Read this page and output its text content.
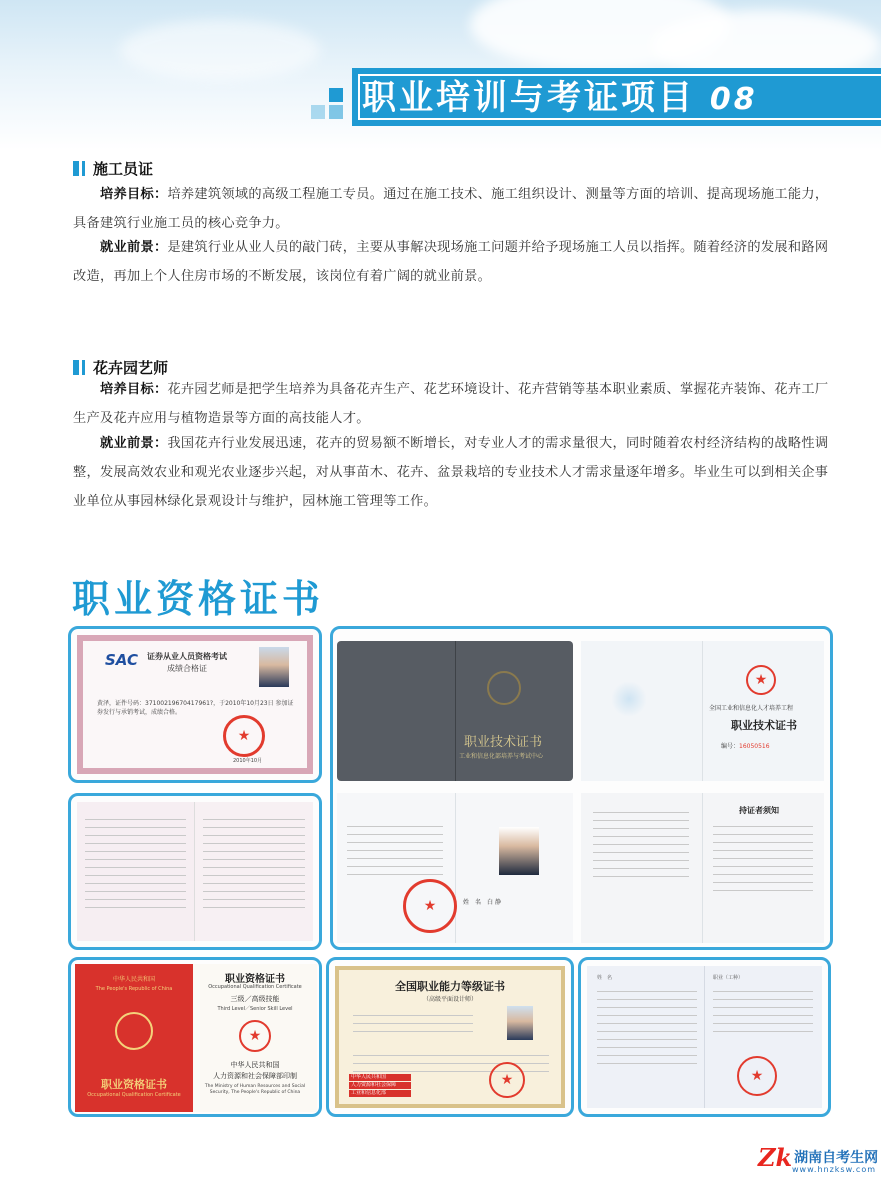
职业培训与考证项目 08
施工员证
培养目标：培养建筑领域的高级工程施工专员。通过在施工技术、施工组织设计、测量等方面的培训、提高现场施工能力，具备建筑行业施工员的核心竞争力。
就业前景：是建筑行业从业人员的敲门砖，主要从事解决现场施工问题并给予现场施工人员以指挥。随着经济的发展和路网改造，再加上个人住房市场的不断发展，该岗位有着广阔的就业前景。
花卉园艺师
培养目标：花卉园艺师是把学生培养为具备花卉生产、花艺环境设计、花卉营销等基本职业素质、掌握花卉装饰、花卉工厂生产及花卉应用与植物造景等方面的高技能人才。
就业前景：我国花卉行业发展迅速，花卉的贸易额不断增长，对专业人才的需求量很大，同时随着农村经济结构的战略性调整，发展高效农业和观光农业逐步兴起，对从事苗木、花卉、盆景栽培的专业技术人才需求量逐年增多。毕业生可以到相关企事业单位从事园林绿化景观设计与维护，园林施工管理等工作。
职业资格证书
SAC 证券从业人员资格考试
成绩合格证
黄泽，证件号码：37100219670417961?，于2010年10月23日 参加证券发行与承销考试，成绩合格。
★
2010年10月
职业技术证书
工业和信息化部培养与考试中心
★
全国工业和信息化人才培养工程
职业技术证书
编号：16050516
★
姓　名　 白 静
持证者须知
中华人民共和国
The People's Republic of China
职业资格证书
Occupational Qualification Certificate
职业资格证书
Occupational Qualification Certificate
三级／高级技能
Third Level／Senior Skill Level
★
中华人民共和国
人力资源和社会保障部印制
The Ministry of Human Resources and Social Security, The People's Republic of China
全国职业能力等级证书
（高级平面设计师）
中华人民共和国
人力资源和社会保障
工业和信息化部
★
姓　名	职业（工种）
★
Zk 湖南自考生网
www.hnzksw.com
